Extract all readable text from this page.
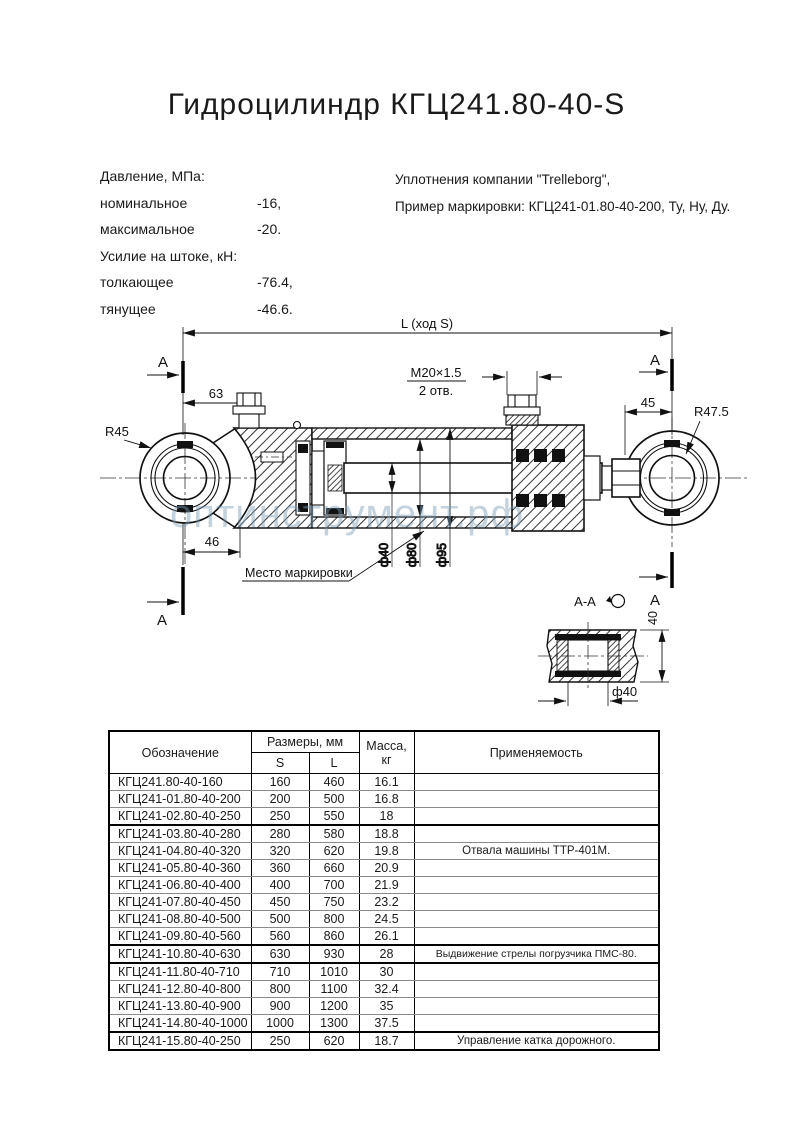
Гидроцилиндр КГЦ241.80-40-S
Давление, МПа:
номинальное	-16,
максимальное	-20.
Усилие на штоке, кН:
толкающее	-76.4,
тянущее	-46.6.
Уплотнения компании "Trelleborg",
Пример маркировки: КГЦ241-01.80-40-200, Ту, Ну, Ду.
L (ход S)
A	A
63
45
R47.5
R45
M20×1.5
2 отв.
ф40 ф80 ф95
46
A
A
Место маркировки
А-А
40
ф40
оптинструмент.рф
Обозначение	Размеры, мм		Масса,
кг	Применяемость
	S	L		
КГЦ241.80-40-160	160	460	16.1	
КГЦ241-01.80-40-200	200	500	16.8	
КГЦ241-02.80-40-250	250	550	18	
КГЦ241-03.80-40-280	280	580	18.8	
КГЦ241-04.80-40-320	320	620	19.8	Отвала машины ТТР-401М.
КГЦ241-05.80-40-360	360	660	20.9	
КГЦ241-06.80-40-400	400	700	21.9	
КГЦ241-07.80-40-450	450	750	23.2	
КГЦ241-08.80-40-500	500	800	24.5	
КГЦ241-09.80-40-560	560	860	26.1	
КГЦ241-10.80-40-630	630	930	28	Выдвижение стрелы погрузчика ПМС-80.
КГЦ241-11.80-40-710	710	1010	30	
КГЦ241-12.80-40-800	800	1100	32.4	
КГЦ241-13.80-40-900	900	1200	35	
КГЦ241-14.80-40-1000	1000	1300	37.5	
КГЦ241-15.80-40-250	250	620	18.7	Управление катка дорожного.
